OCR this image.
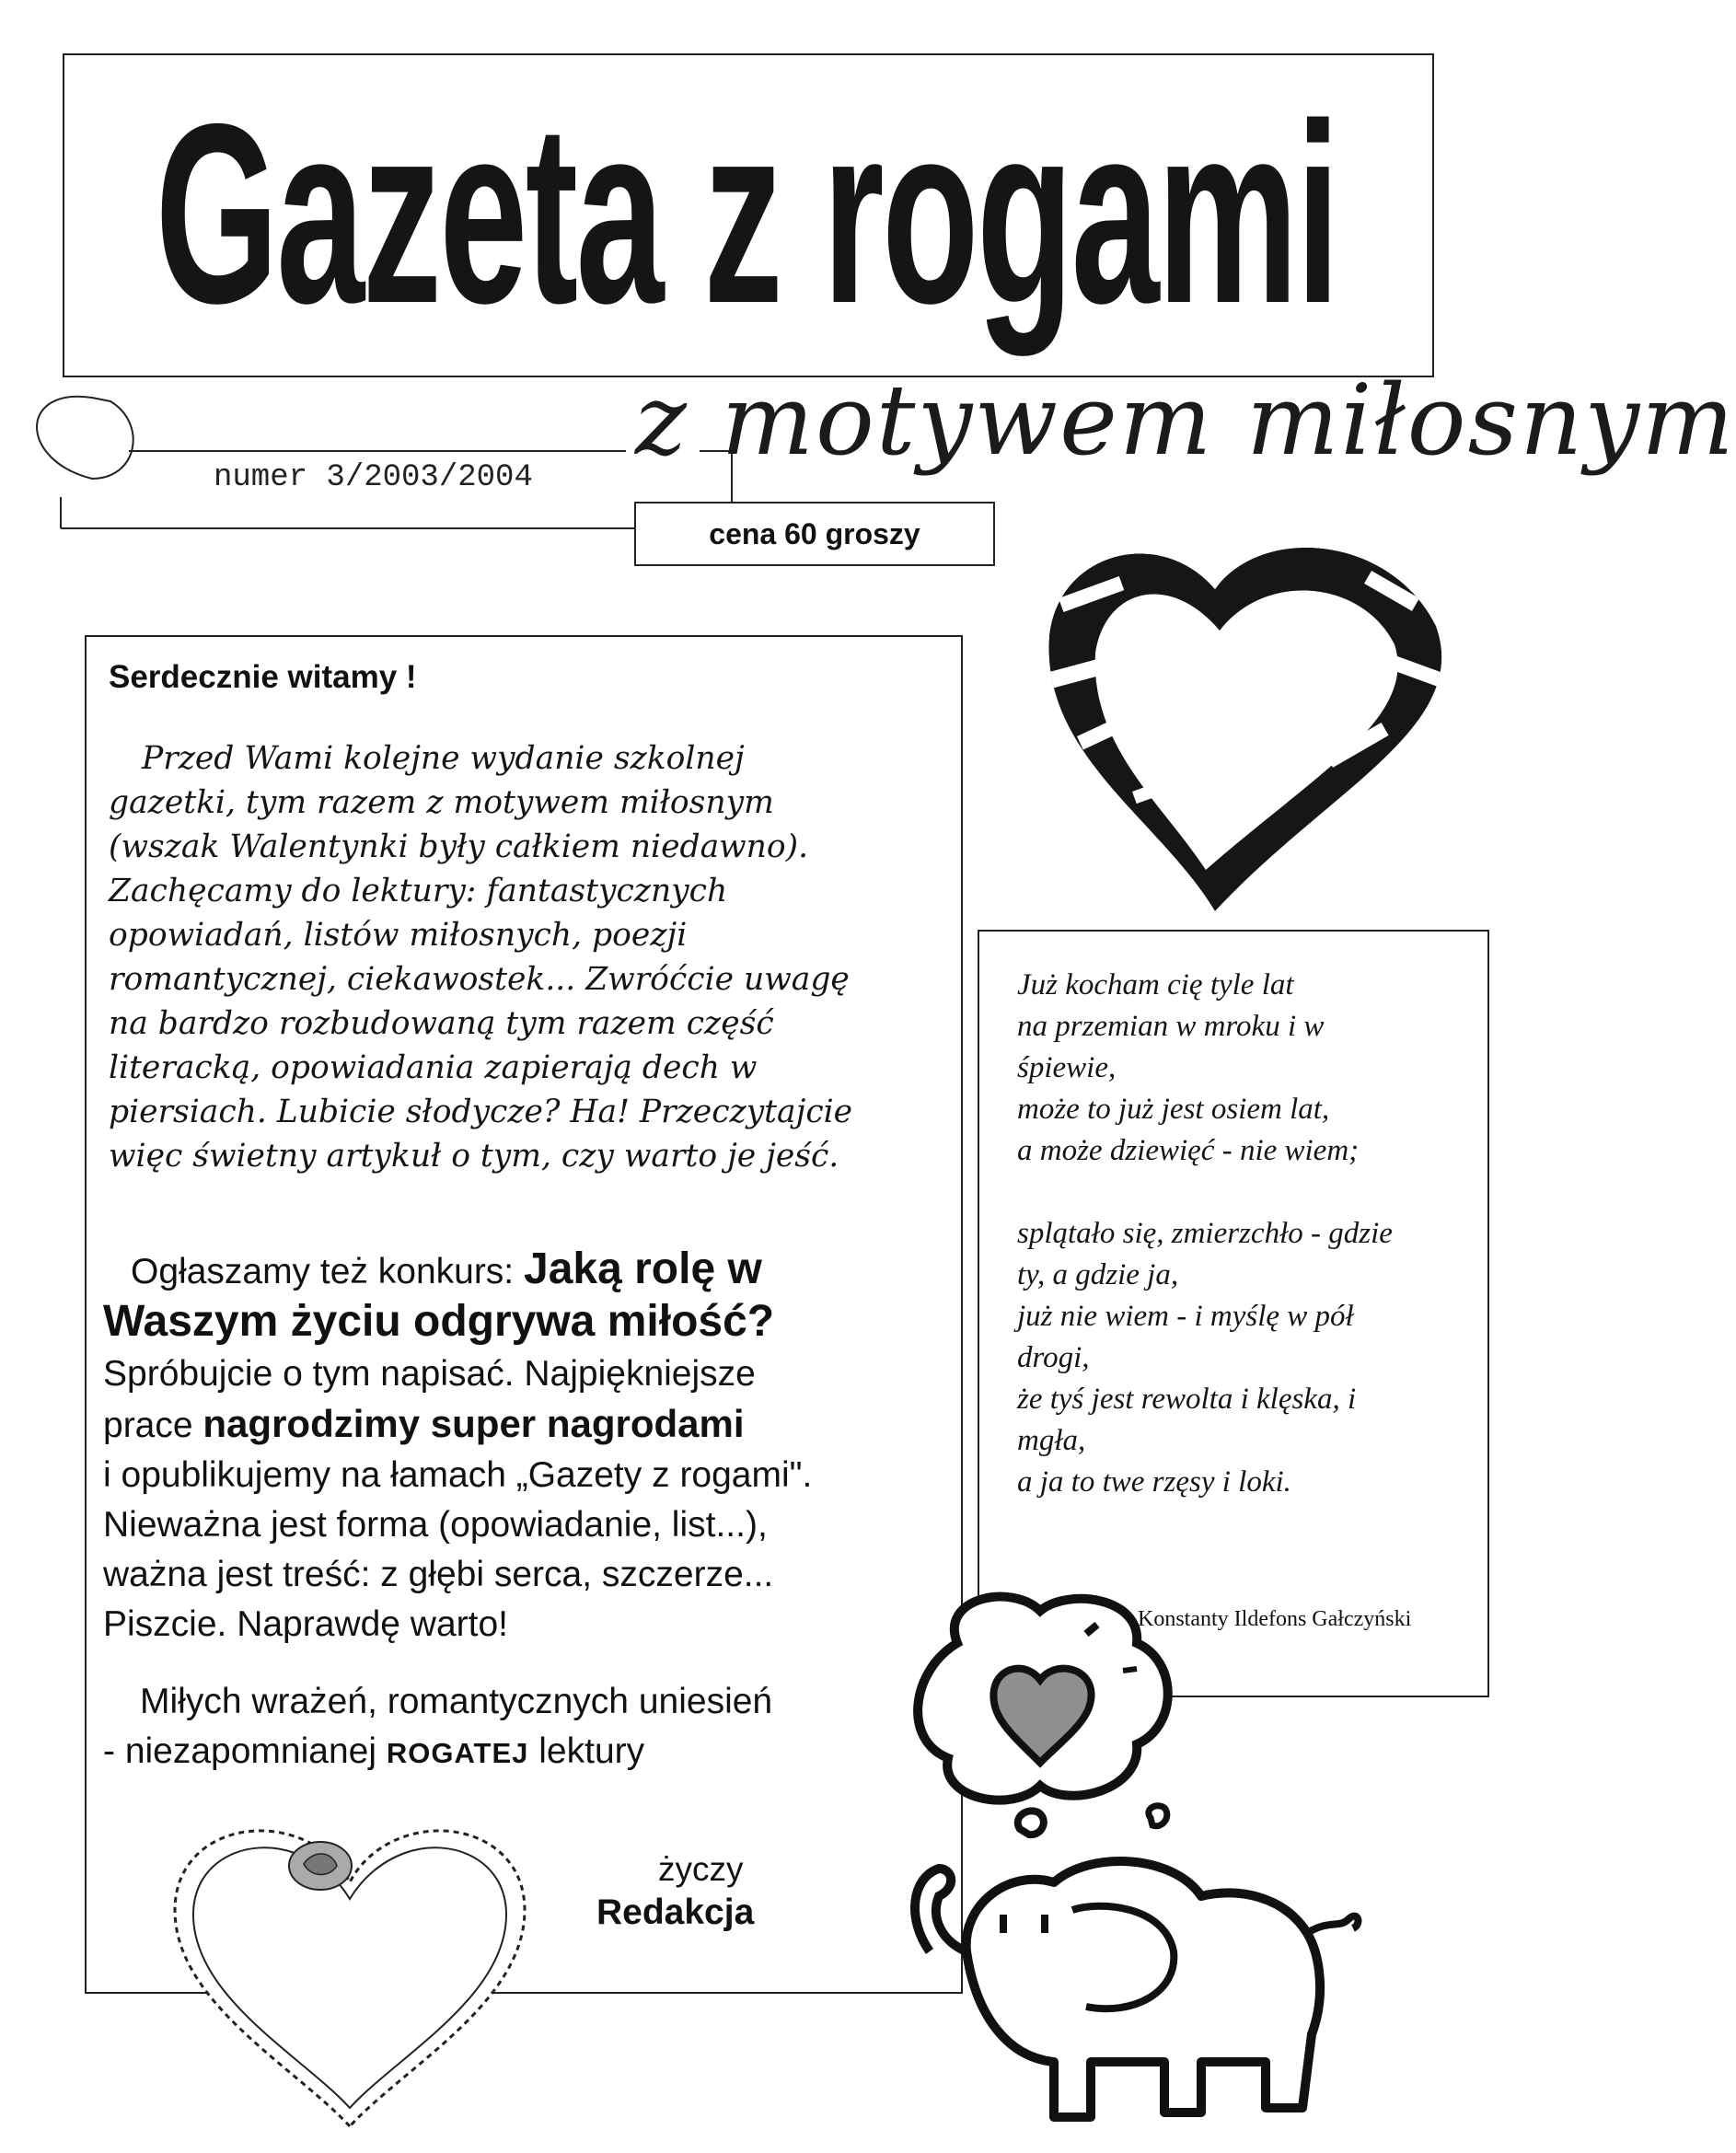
Gazeta z rogami
z motywem miłosnym
numer 3/2003/2004
cena 60 groszy
Serdecznie witamy !

Przed Wami kolejne wydanie szkolnej

gazetki, tym razem z motywem miłosnym

(wszak Walentynki były całkiem niedawno).

Zachęcamy do lektury: fantastycznych

opowiadań, listów miłosnych, poezji

romantycznej, ciekawostek... Zwróćcie uwagę

na bardzo rozbudowaną tym razem część

literacką, opowiadania zapierają dech w

piersiach. Lubicie słodycze? Ha! Przeczytajcie

więc świetny artykuł o tym, czy warto je jeść.

Ogłaszamy też konkurs: Jaką rolę w

Waszym życiu odgrywa miłość?

Spróbujcie o tym napisać. Najpiękniejsze

prace nagrodzimy super nagrodami

i opublikujemy na łamach „Gazety z rogami".

Nieważna jest forma (opowiadanie, list...),

ważna jest treść: z głębi serca, szczerze...

Piszcie. Naprawdę warto!

Miłych wrażeń, romantycznych uniesień

- niezapomnianej ROGATEJ lektury

życzy
Redakcja

Już kocham cię tyle lat

na przemian w mroku i w

śpiewie,

może to już jest osiem lat,

a może dziewięć - nie wiem;

splątało się, zmierzchło - gdzie

ty, a gdzie ja,

już nie wiem - i myślę w pół

drogi,

że tyś jest rewolta i klęska, i

mgła,

a ja to twe rzęsy i loki.

Konstanty Ildefons Gałczyński
